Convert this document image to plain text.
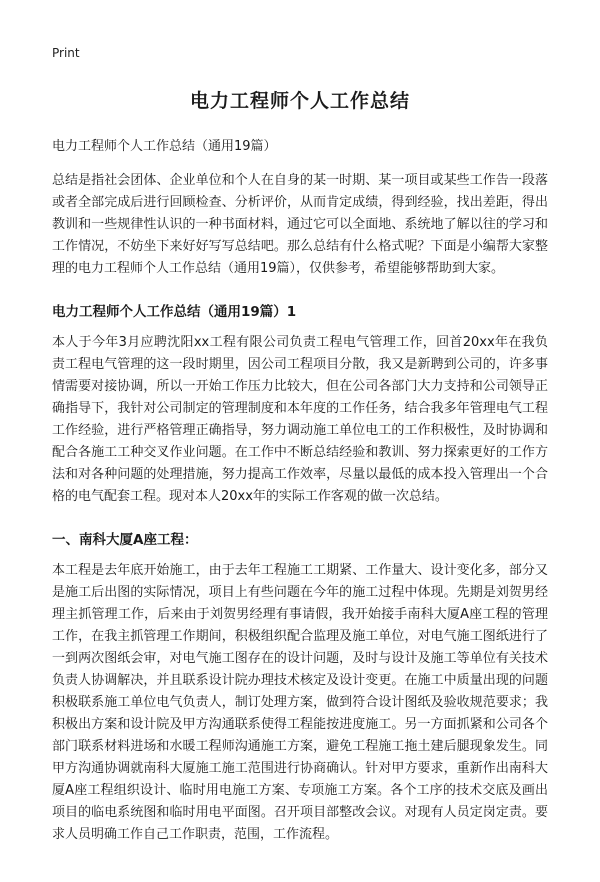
Print
电力工程师个人工作总结
电力工程师个人工作总结（通用19篇）

总结是指社会团体、企业单位和个人在自身的某一时期、某一项目或某些工作告一段落或者全部完成后进行回顾检查、分析评价，从而肯定成绩，得到经验，找出差距，得出教训和一些规律性认识的一种书面材料，通过它可以全面地、系统地了解以往的学习和工作情况，不妨坐下来好好写写总结吧。那么总结有什么格式呢？下面是小编帮大家整理的电力工程师个人工作总结（通用19篇），仅供参考，希望能够帮助到大家。

电力工程师个人工作总结（通用19篇）1

本人于今年3月应聘沈阳xx工程有限公司负责工程电气管理工作，回首20xx年在我负责工程电气管理的这一段时期里，因公司工程项目分散，我又是新聘到公司的，许多事情需要对接协调，所以一开始工作压力比较大，但在公司各部门大力支持和公司领导正确指导下，我针对公司制定的管理制度和本年度的工作任务，结合我多年管理电气工程工作经验，进行严格管理正确指导，努力调动施工单位电工的工作积极性，及时协调和配合各施工工种交叉作业问题。在工作中不断总结经验和教训、努力探索更好的工作方法和对各种问题的处理措施，努力提高工作效率，尽量以最低的成本投入管理出一个合格的电气配套工程。现对本人20xx年的实际工作客观的做一次总结。

一、南科大厦A座工程：

本工程是去年底开始施工，由于去年工程施工工期紧、工作量大、设计变化多，部分又是施工后出图的实际情况，项目上有些问题在今年的施工过程中体现。先期是刘贺男经理主抓管理工作，后来由于刘贺男经理有事请假，我开始接手南科大厦A座工程的管理工作，在我主抓管理工作期间，积极组织配合监理及施工单位，对电气施工图纸进行了一到两次图纸会审，对电气施工图存在的设计问题，及时与设计及施工等单位有关技术负责人协调解决，并且联系设计院办理技术核定及设计变更。在施工中质量出现的问题积极联系施工单位电气负责人，制订处理方案，做到符合设计图纸及验收规范要求；我积极出方案和设计院及甲方沟通联系使得工程能按进度施工。另一方面抓紧和公司各个部门联系材料进场和水暖工程师沟通施工方案，避免工程施工拖土建后腿现象发生。同甲方沟通协调就南科大厦施工施工范围进行协商确认。针对甲方要求，重新作出南科大厦A座工程组织设计、临时用电施工方案、专项施工方案。各个工序的技术交底及画出项目的临电系统图和临时用电平面图。召开项目部整改会议。对现有人员定岗定责。要求人员明确工作自己工作职责，范围，工作流程。
